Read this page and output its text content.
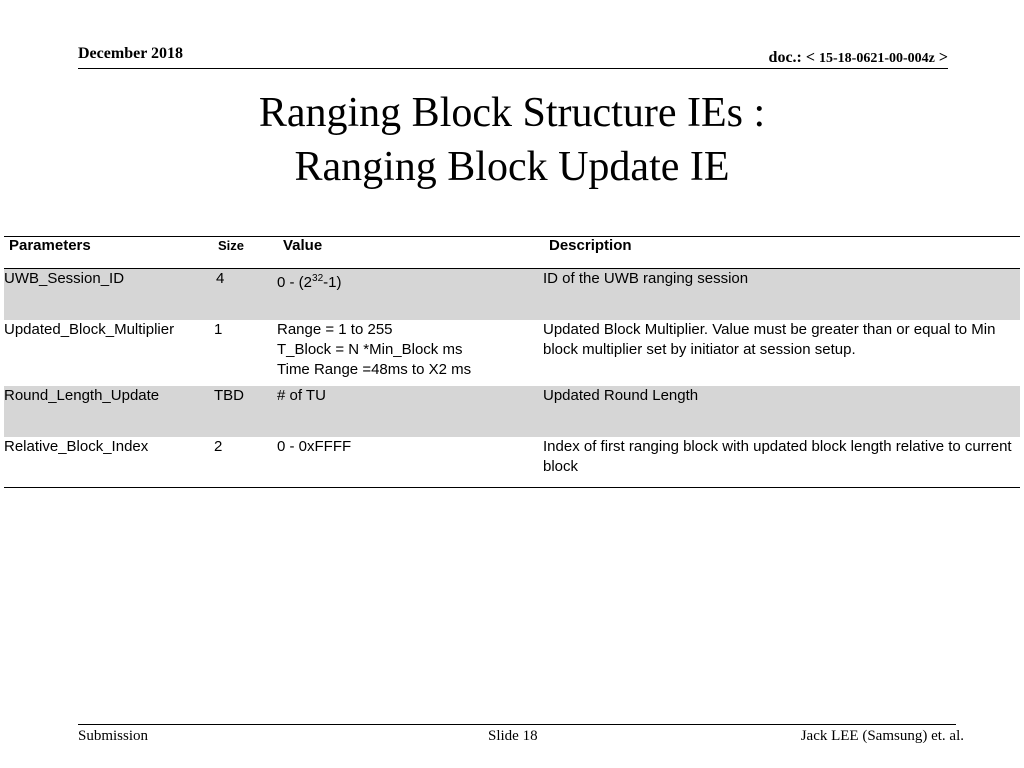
December 2018	doc.: < 15-18-0621-00-004z >
Ranging Block Structure IEs :
Ranging Block Update IE
Parameters	Size	Value	Description
UWB_Session_ID	4	$0 - (2^{32}-1)$	ID of the UWB ranging session
Updated_Block_Multiplier	1	Range = 1 to 255
T_Block = N *Min_Block ms
Time Range =48ms to X2 ms	Updated Block Multiplier. Value must be greater than or equal to Min block multiplier set by initiator at session setup.
Round_Length_Update	TBD	# of TU	Updated Round Length
Relative_Block_Index	2	0 - 0xFFFF	Index of first ranging block with updated block length relative to current block
Submission	Slide 18	Jack LEE (Samsung) et. al.
